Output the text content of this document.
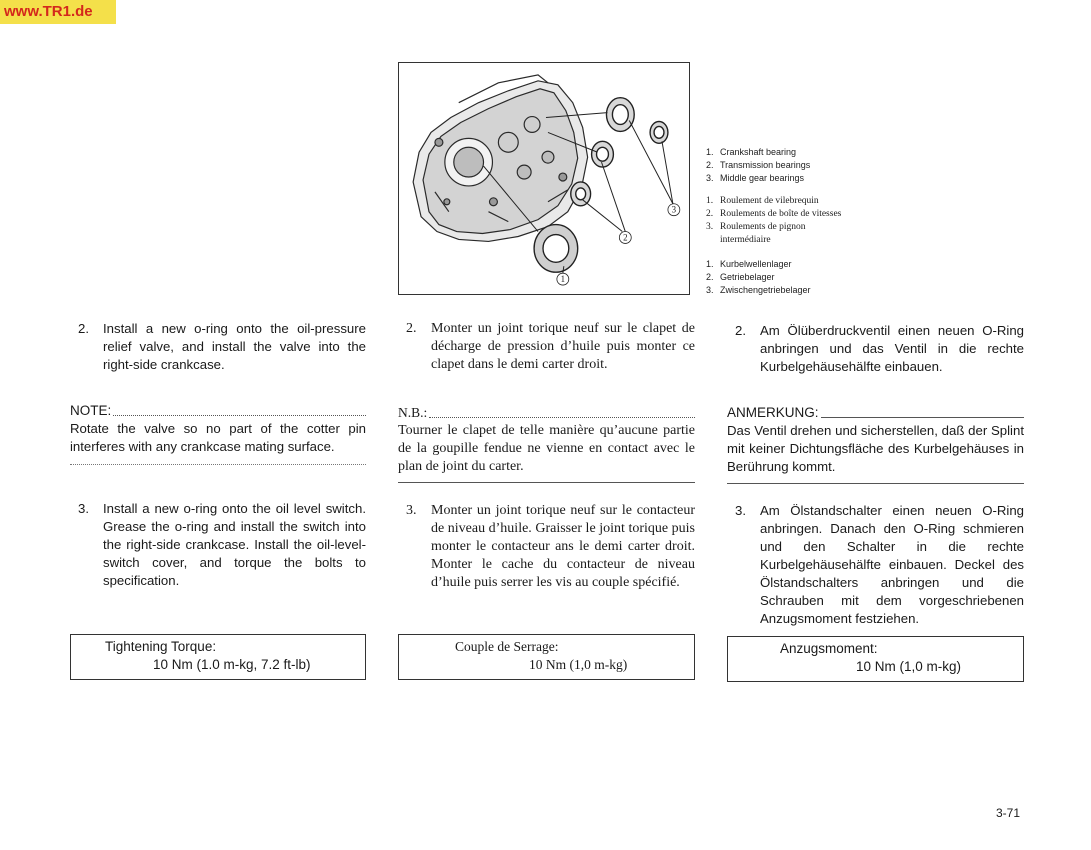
www.TR1.de
1
2
3
1. Crankshaft bearing
2. Transmission bearings
3. Middle gear bearings
1. Roulement de vilebrequin
2. Roulements de boîte de vitesses
3. Roulements de pignon
intermédiaire
1. Kurbelwellenlager
2. Getriebelager
3. Zwischengetriebelager
2. Install a new o-ring onto the oil-pressure relief valve, and install the valve into the right-side crankcase.
NOTE:
Rotate the valve so no part of the cotter pin interferes with any crankcase mating surface.
3. Install a new o-ring onto the oil level switch. Grease the o-ring and install the switch into the right-side crankcase. Install the oil-level-switch cover, and torque the bolts to specification.
Tightening Torque:
10 Nm (1.0 m-kg, 7.2 ft-lb)
2. Monter un joint torique neuf sur le clapet de décharge de pression d’huile puis monter ce clapet dans le demi carter droit.
N.B.:
Tourner le clapet de telle manière qu’aucune partie de la goupille fendue ne vienne en contact avec le plan de joint du carter.
3. Monter un joint torique neuf sur le contacteur de niveau d’huile. Graisser le joint torique puis monter le contacteur ans le demi carter droit. Monter le cache du contacteur de niveau d’huile puis serrer les vis au couple spécifié.
Couple de Serrage:
10 Nm (1,0 m-kg)
2. Am Ölüberdruckventil einen neuen O-Ring anbringen und das Ventil in die rechte Kurbelgehäusehälfte einbauen.
ANMERKUNG:
Das Ventil drehen und sicherstellen, daß der Splint mit keiner Dichtungsfläche des Kurbelgehäuses in Berührung kommt.
3. Am Ölstandschalter einen neuen O-Ring anbringen. Danach den O-Ring schmieren und den Schalter in die rechte Kurbelgehäusehälfte einbauen. Deckel des Ölstandschalters anbringen und die Schrauben mit dem vorgeschriebenen Anzugsmoment festziehen.
Anzugsmoment:
10 Nm (1,0 m-kg)
3-71
